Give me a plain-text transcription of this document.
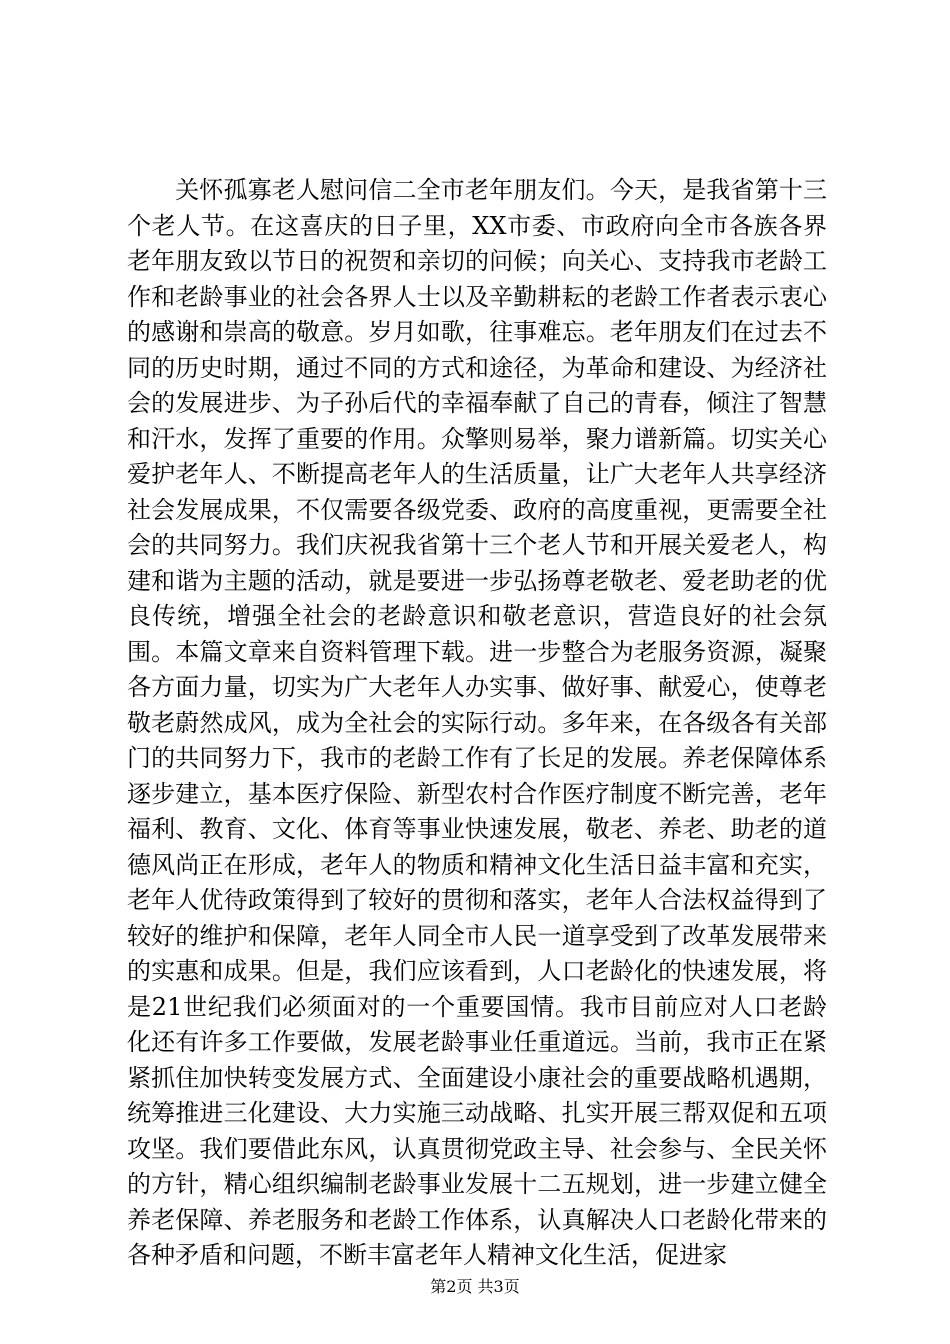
关怀孤寡老人慰问信二全市老年朋友们。今天，是我省第十三个老人节。在这喜庆的日子里，XX市委、市政府向全市各族各界老年朋友致以节日的祝贺和亲切的问候；向关心、支持我市老龄工作和老龄事业的社会各界人士以及辛勤耕耘的老龄工作者表示衷心的感谢和崇高的敬意。岁月如歌，往事难忘。老年朋友们在过去不同的历史时期，通过不同的方式和途径，为革命和建设、为经济社会的发展进步、为子孙后代的幸福奉献了自己的青春，倾注了智慧和汗水，发挥了重要的作用。众擎则易举，聚力谱新篇。切实关心爱护老年人、不断提高老年人的生活质量，让广大老年人共享经济社会发展成果，不仅需要各级党委、政府的高度重视，更需要全社会的共同努力。我们庆祝我省第十三个老人节和开展关爱老人，构建和谐为主题的活动，就是要进一步弘扬尊老敬老、爱老助老的优良传统，增强全社会的老龄意识和敬老意识，营造良好的社会氛围。本篇文章来自资料管理下载。进一步整合为老服务资源，凝聚各方面力量，切实为广大老年人办实事、做好事、献爱心，使尊老敬老蔚然成风，成为全社会的实际行动。多年来，在各级各有关部门的共同努力下，我市的老龄工作有了长足的发展。养老保障体系逐步建立，基本医疗保险、新型农村合作医疗制度不断完善，老年福利、教育、文化、体育等事业快速发展，敬老、养老、助老的道德风尚正在形成，老年人的物质和精神文化生活日益丰富和充实，老年人优待政策得到了较好的贯彻和落实，老年人合法权益得到了较好的维护和保障，老年人同全市人民一道享受到了改革发展带来的实惠和成果。但是，我们应该看到，人口老龄化的快速发展，将是21世纪我们必须面对的一个重要国情。我市目前应对人口老龄化还有许多工作要做，发展老龄事业任重道远。当前，我市正在紧紧抓住加快转变发展方式、全面建设小康社会的重要战略机遇期，统筹推进三化建设、大力实施三动战略、扎实开展三帮双促和五项攻坚。我们要借此东风，认真贯彻党政主导、社会参与、全民关怀的方针，精心组织编制老龄事业发展十二五规划，进一步建立健全养老保障、养老服务和老龄工作体系，认真解决人口老龄化带来的各种矛盾和问题，不断丰富老年人精神文化生活，促进家

第2页 共3页
